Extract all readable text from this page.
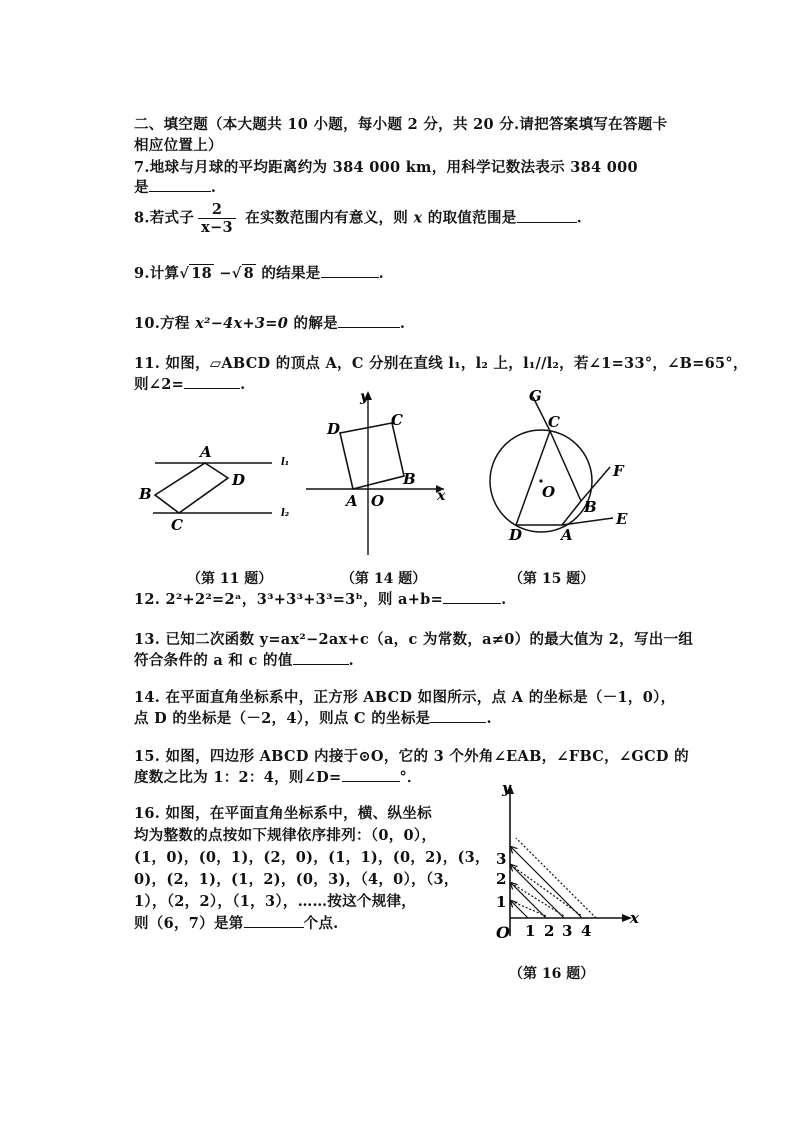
二、填空题（本大题共 10 小题，每小题 2 分，共 20 分.请把答案填写在答题卡
相应位置上）
7.地球与月球的平均距离约为 384 000 km，用科学记数法表示 384 000
是	.
8.若式子 $\frac{2}{x-3}$ 在实数范围内有意义，则 x 的取值范围是	.
9.计算√ 18 −√ 8 的结果是	.
10.方程 x²−4x+3=0 的解是	.
11. 如图，▱ABCD 的顶点 A，C 分别在直线 l₁，l₂ 上，l₁//l₂，若∠1=33°，∠B=65°，
则∠2=	.
A
D
B
C
l₁
l₂
y
x
D	C
B
A O
G
C
O
F
B
E
D	A
（第 11 题）	（第 14 题）	（第 15 题）
12. 2²+2²=2ᵃ，3³+3³+3³=3ᵇ，则 a+b=	.
13. 已知二次函数 y=ax²−2ax+c（a，c 为常数，a≠0）的最大值为 2，写出一组
符合条件的 a 和 c 的值	.
14. 在平面直角坐标系中，正方形 ABCD 如图所示，点 A 的坐标是（－1，0），
点 D 的坐标是（－2，4），则点 C 的坐标是	.
15. 如图，四边形 ABCD 内接于⊙O，它的 3 个外角∠EAB，∠FBC，∠GCD 的
度数之比为 1：2：4，则∠D=	°．
16. 如图，在平面直角坐标系中，横、纵坐标
均为整数的点按如下规律依序排列：（0，0），
(1，0)，(0，1)，(2，0)，(1，1)，(0，2)，(3，
0)，(2，1)，(1，2)，(0，3)，（4，0），（3，
1），（2，2），（1，3），……按这个规律，
则（6，7）是第	个点.
y
x
O 1 2 3 4
1
2
3
（第 16 题）
